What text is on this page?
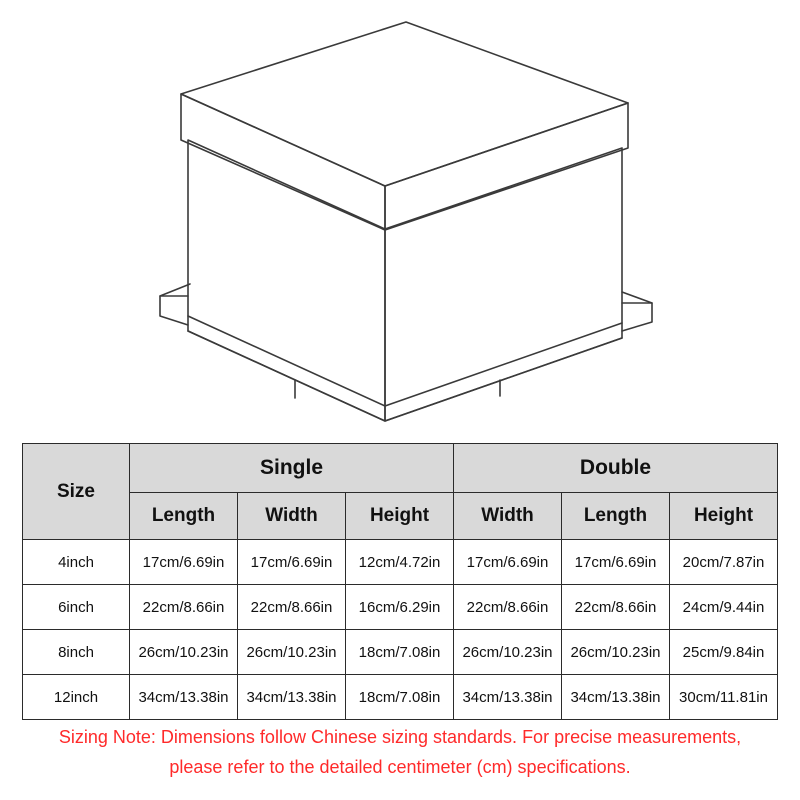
Size	Single			Double		
	Length	Width	Height	Width	Length	Height
4inch	17cm/6.69in	17cm/6.69in	12cm/4.72in	17cm/6.69in	17cm/6.69in	20cm/7.87in
6inch	22cm/8.66in	22cm/8.66in	16cm/6.29in	22cm/8.66in	22cm/8.66in	24cm/9.44in
8inch	26cm/10.23in	26cm/10.23in	18cm/7.08in	26cm/10.23in	26cm/10.23in	25cm/9.84in
12inch	34cm/13.38in	34cm/13.38in	18cm/7.08in	34cm/13.38in	34cm/13.38in	30cm/11.81in
Sizing Note: Dimensions follow Chinese sizing standards. For precise measurements,
please refer to the detailed centimeter (cm) specifications.
